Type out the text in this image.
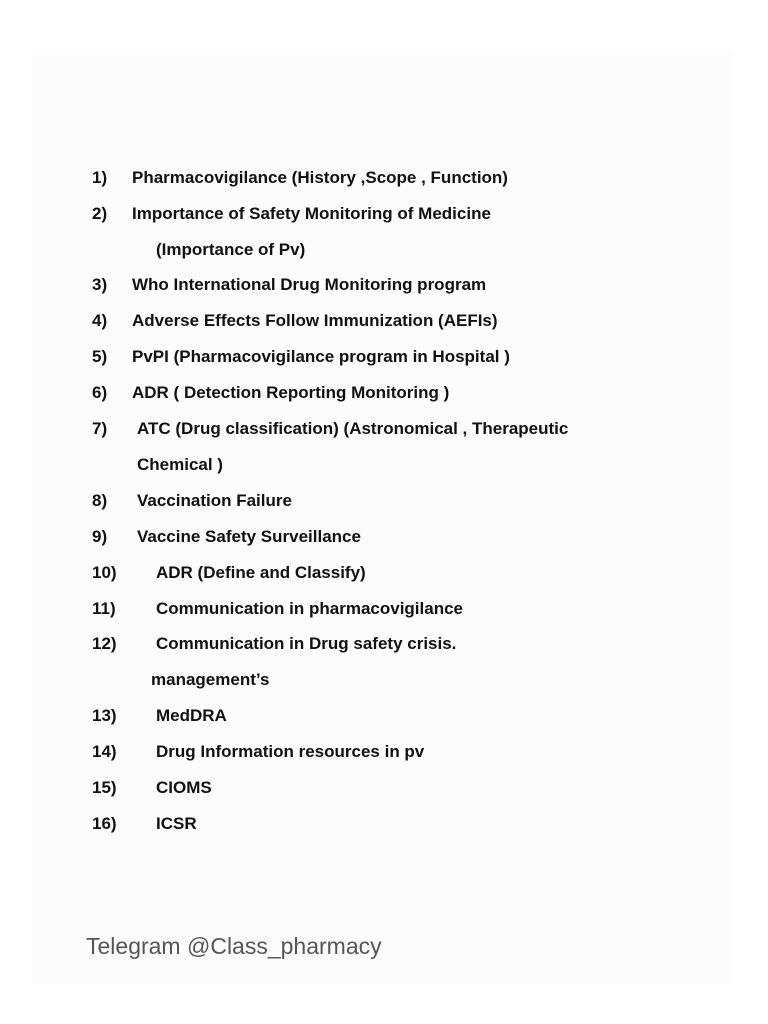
1) Pharmacovigilance (History ,Scope , Function)
2) Importance of Safety Monitoring of Medicine
(Importance of Pv)
3) Who International Drug Monitoring program
4) Adverse Effects Follow Immunization (AEFIs)
5) PvPI (Pharmacovigilance program in Hospital )
6) ADR ( Detection Reporting Monitoring )
7) ATC (Drug classification) (Astronomical , Therapeutic
Chemical )
8) Vaccination Failure
9) Vaccine Safety Surveillance
10) ADR (Define and Classify)
11) Communication in pharmacovigilance
12) Communication in Drug safety crisis.
management’s
13) MedDRA
14) Drug Information resources in pv
15) CIOMS
16) ICSR
Telegram @Class_pharmacy
